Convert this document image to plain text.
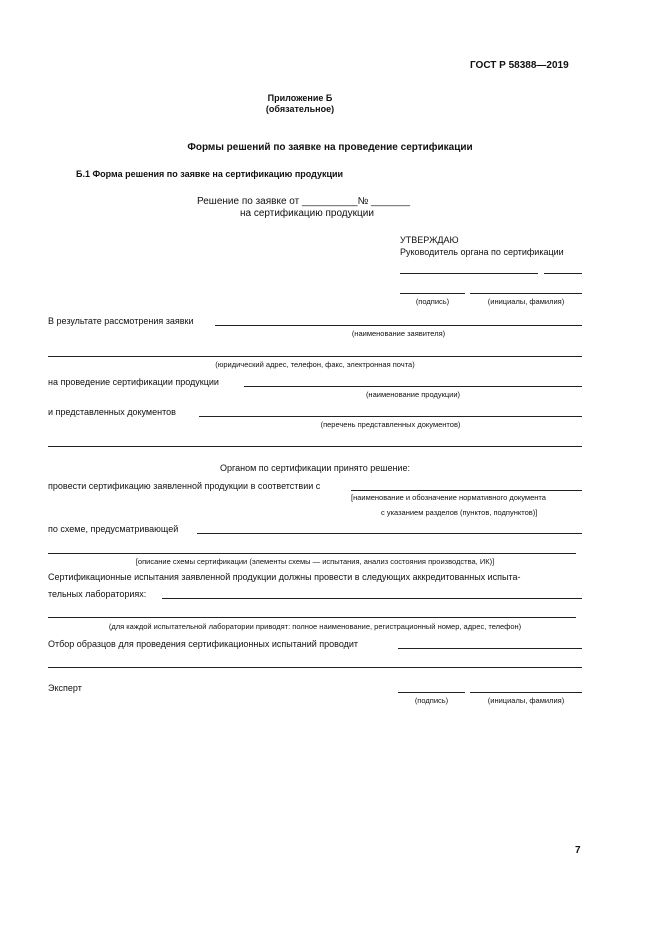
ГОСТ Р 58388—2019
Приложение Б
(обязательное)
Формы решений по заявке на проведение сертификации
Б.1 Форма решения по заявке на сертификацию продукции
Решение по заявке от __________№ _______
на сертификацию продукции
УТВЕРЖДАЮ
Руководитель органа по сертификации
(подпись)	(инициалы, фамилия)
В результате рассмотрения заявки
(наименование заявителя)
(юридический адрес, телефон, факс, электронная почта)
на проведение сертификации продукции
(наименование продукции)
и представленных документов
(перечень представленных документов)
Органом по сертификации принято решение:
провести сертификацию заявленной продукции в соответствии с
[наименование и обозначение нормативного документа
с указанием разделов (пунктов, подпунктов)]
по схеме, предусматривающей
[описание схемы сертификации (элементы схемы — испытания, анализ состояния производства, ИК)]
Сертификационные испытания заявленной продукции должны провести в следующих аккредитованных испыта-
тельных лабораториях:
(для каждой испытательной лаборатории приводят: полное наименование, регистрационный номер, адрес, телефон)
Отбор образцов для проведения сертификационных испытаний проводит
Эксперт
(подпись)	(инициалы, фамилия)
7
